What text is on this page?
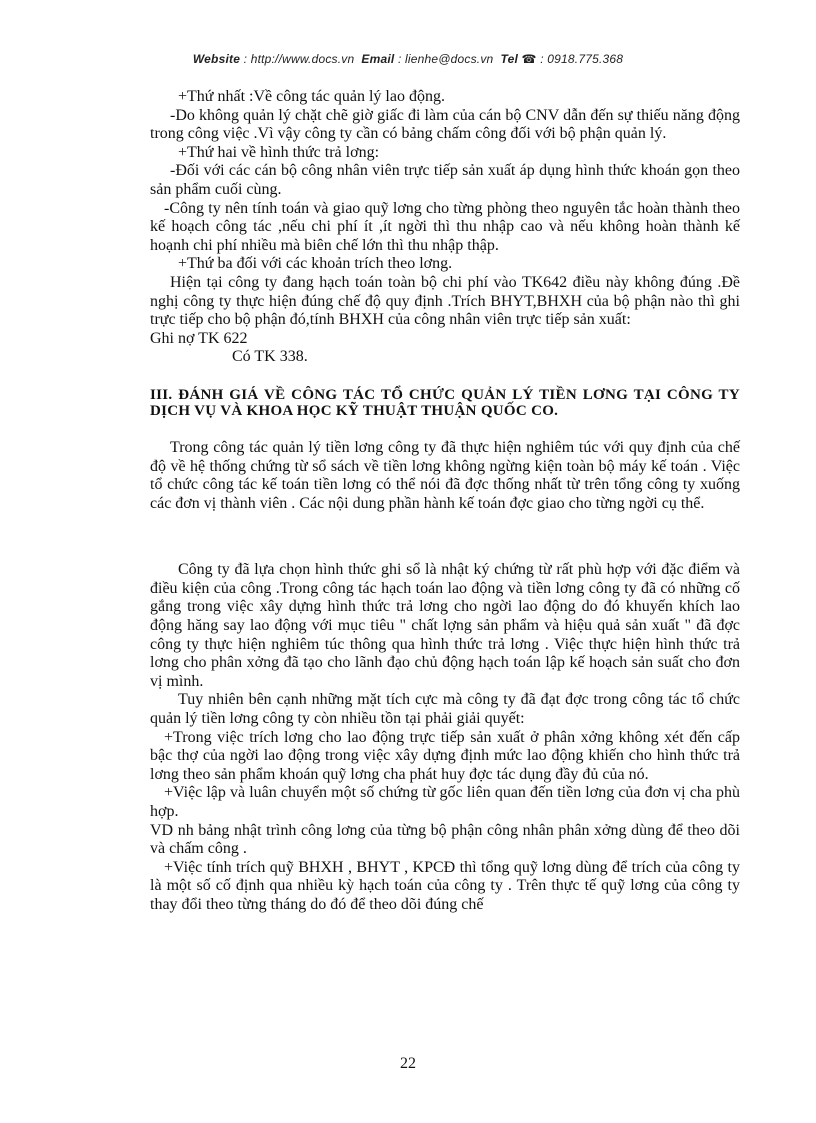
Website : http://www.docs.vn Email : lienhe@docs.vn Tel ☎ : 0918.775.368

+Thứ nhất :Về công tác quản lý lao động.

-Do không quản lý chặt chẽ giờ giấc đi làm của cán bộ CNV dẫn đến sự thiếu năng động trong công việc .Vì vậy công ty cần có bảng chấm công đối với bộ phận quản lý.

+Thứ hai về hình thức trả lơng:

-Đối với các cán bộ công nhân viên trực tiếp sản xuất áp dụng hình thức khoán gọn theo sản phẩm cuối cùng.

-Công ty nên tính toán và giao quỹ lơng cho từng phòng theo nguyên tắc hoàn thành theo kế hoạch công tác ,nếu chi phí ít ,ít ngời thì thu nhập cao và nếu không hoàn thành kế hoạnh chi phí nhiều mà biên chế lớn thì thu nhập thập.

+Thứ ba đối với các khoản trích theo lơng.

Hiện tại công ty đang hạch toán toàn bộ chi phí vào TK642 điều này không đúng .Đề nghị công ty thực hiện đúng chế độ quy định .Trích BHYT,BHXH của bộ phận nào thì ghi trực tiếp cho bộ phận đó,tính BHXH của công nhân viên trực tiếp sản xuất:

Ghi nợ TK 622

Có TK 338.

III. ĐÁNH GIÁ VỀ CÔNG TÁC TỔ CHỨC QUẢN LÝ TIỀN LƠNG TẠI CÔNG TY DỊCH VỤ VÀ KHOA HỌC KỸ THUẬT THUẬN QUỐC CO.

Trong công tác quản lý tiền lơng công ty đã thực hiện nghiêm túc với quy định của chế độ về hệ thống chứng từ sổ sách về tiền lơng không ngừng kiện toàn bộ máy kế toán . Việc tổ chức công tác kế toán tiền lơng có thể nói đã đợc thống nhất từ trên tổng công ty xuống các đơn vị thành viên . Các nội dung phần hành kế toán đợc giao cho từng ngời cụ thể.

Công ty đã lựa chọn hình thức ghi sổ là nhật ký chứng từ rất phù hợp với đặc điểm và điều kiện của công .Trong công tác hạch toán lao động và tiền lơng công ty đã có những cố gắng trong việc xây dựng hình thức trả lơng cho ngời lao động do đó khuyến khích lao động hăng say lao động với mục tiêu " chất lợng sản phẩm và hiệu quả sản xuất " đã đợc công ty thực hiện nghiêm túc thông qua hình thức trả lơng . Việc thực hiện hình thức trả lơng cho phân xởng đã tạo cho lãnh đạo chủ động hạch toán lập kế hoạch sản suất cho đơn vị mình.

Tuy nhiên bên cạnh những mặt tích cực mà công ty đã đạt đợc trong công tác tổ chức quản lý tiền lơng công ty còn nhiều tồn tại phải giải quyết:

+Trong việc trích lơng cho lao động trực tiếp sản xuất ở phân xởng không xét đến cấp bậc thợ của ngời lao động trong việc xây dựng định mức lao động khiến cho hình thức trả lơng theo sản phẩm khoán quỹ lơng cha phát huy đợc tác dụng đầy đủ của nó.

+Việc lập và luân chuyển một số chứng từ gốc liên quan đến tiền lơng của đơn vị cha phù hợp.

VD nh bảng nhật trình công lơng của từng bộ phận công nhân phân xởng dùng để theo dõi và chấm công .

+Việc tính trích quỹ BHXH , BHYT , KPCĐ thì tổng quỹ lơng dùng để trích của công ty là một số cố định qua nhiều kỳ hạch toán của công ty . Trên thực tế quỹ lơng của công ty thay đổi theo từng tháng do đó để theo dõi đúng chế

22
